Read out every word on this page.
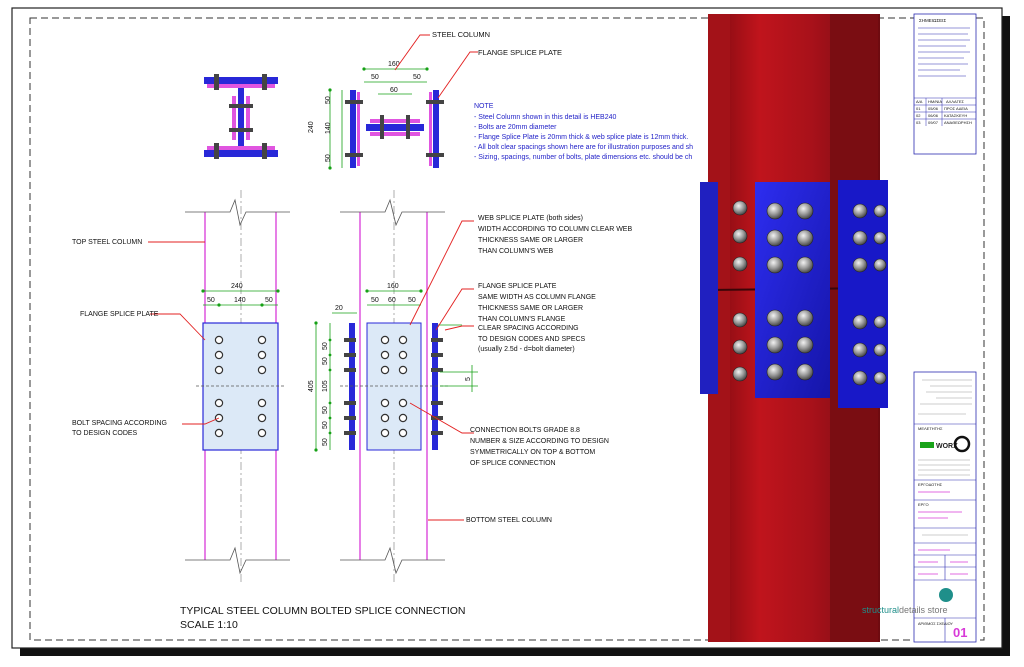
160
50	50
60
240
50
140
50
STEEL COLUMN
FLANGE SPLICE PLATE
NOTE
- Steel Column shown in this detail is HEB240
- Bolts are 20mm diameter
- Flange Splice Plate is 20mm thick & web splice plate is 12mm thick.
- All bolt clear spacings shown here are for illustration purposes and sh
- Sizing, spacings, number of bolts, plate dimensions etc. should be ch
240
50	140	50
20
160
50 60 50
405
50
50
105
50
50
50
5
TOP STEEL COLUMN
FLANGE SPLICE PLATE
BOLT SPACING ACCORDING
TO DESIGN CODES
WEB SPLICE PLATE (both sides)
WIDTH ACCORDING TO COLUMN CLEAR WEB
THICKNESS SAME OR LARGER
THAN COLUMN'S WEB
FLANGE SPLICE PLATE
SAME WIDTH AS COLUMN FLANGE
THICKNESS SAME OR LARGER
THAN COLUMN'S FLANGE
CLEAR SPACING ACCORDING
TO DESIGN CODES AND SPECS
(usually 2.5d - d=bolt diameter)
CONNECTION BOLTS GRADE 8.8
NUMBER & SIZE ACCORDING TO DESIGN
SYMMETRICALLY ON TOP & BOTTOM
OF SPLICE CONNECTION
BOTTOM STEEL COLUMN
TYPICAL STEEL COLUMN BOLTED SPLICE CONNECTION
SCALE 1:10
ΣΗΜΕΙΩΣΕΙΣ
Α/Α ΗΜ/ΝΙΑ ΑΛΛΑΓΕΣ
01 05/06 ΠΡΟΣ ΑΔΕΙΑ
02 06/06 ΚΑΤΑΣΚΕΥΗ
03 09/07 ΑΝΑΘΕΩΡΗΣΗ
ΜΕΛΕΤΗΤΗΣ
WORX
ΕΡΓΟΔΟΤΗΣ
ΕΡΓΟ
structuraldetails store
ΑΡΙΘΜΟΣ ΣΧΕΔΙΟΥ
01
